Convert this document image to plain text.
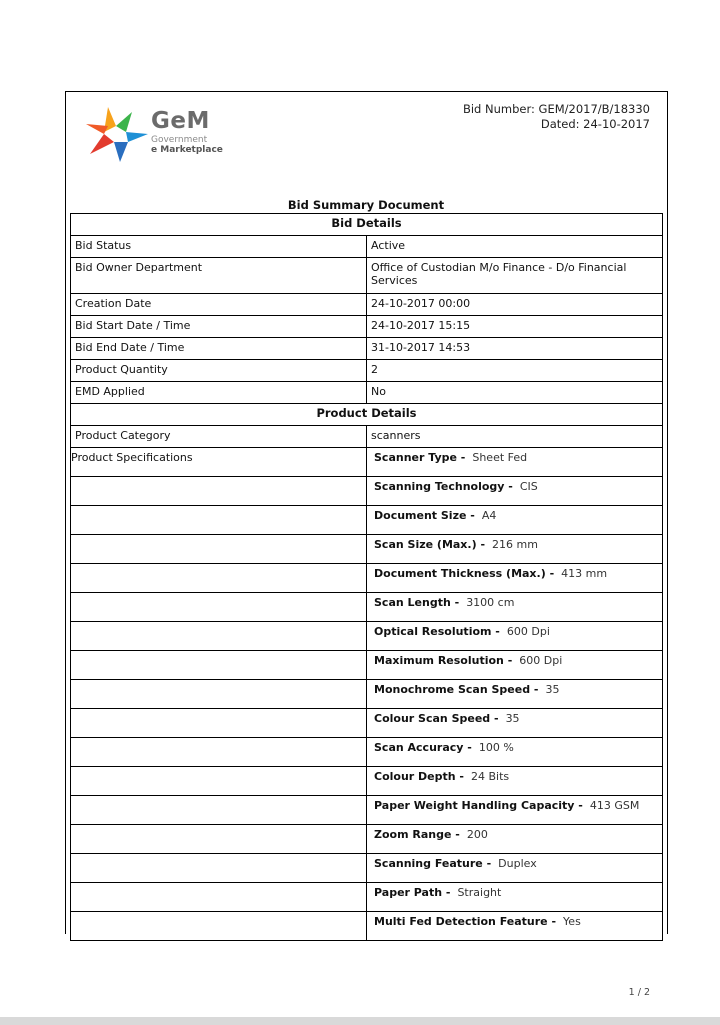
GeM
Government
e Marketplace
Bid Number: GEM/2017/B/18330
Dated: 24-10-2017
Bid Summary Document
Bid Details	
Bid Status	Active
Bid Owner Department	Office of Custodian M/o Finance - D/o Financial Services
Creation Date	24-10-2017 00:00
Bid Start Date / Time	24-10-2017 15:15
Bid End Date / Time	31-10-2017 14:53
Product Quantity	2
EMD Applied	No
Product Details	
Product Category	scanners
Product Specifications	Scanner Type - Sheet Fed

	Scanning Technology - CIS

	Document Size - A4

	Scan Size (Max.) - 216 mm

	Document Thickness (Max.) - 413 mm

	Scan Length - 3100 cm

	Optical Resolutiom - 600 Dpi

	Maximum Resolution - 600 Dpi

	Monochrome Scan Speed - 35

	Colour Scan Speed - 35

	Scan Accuracy - 100 %

	Colour Depth - 24 Bits

	Paper Weight Handling Capacity - 413 GSM

	Zoom Range - 200

	Scanning Feature - Duplex

	Paper Path - Straight

	Multi Fed Detection Feature - Yes
1 / 2
